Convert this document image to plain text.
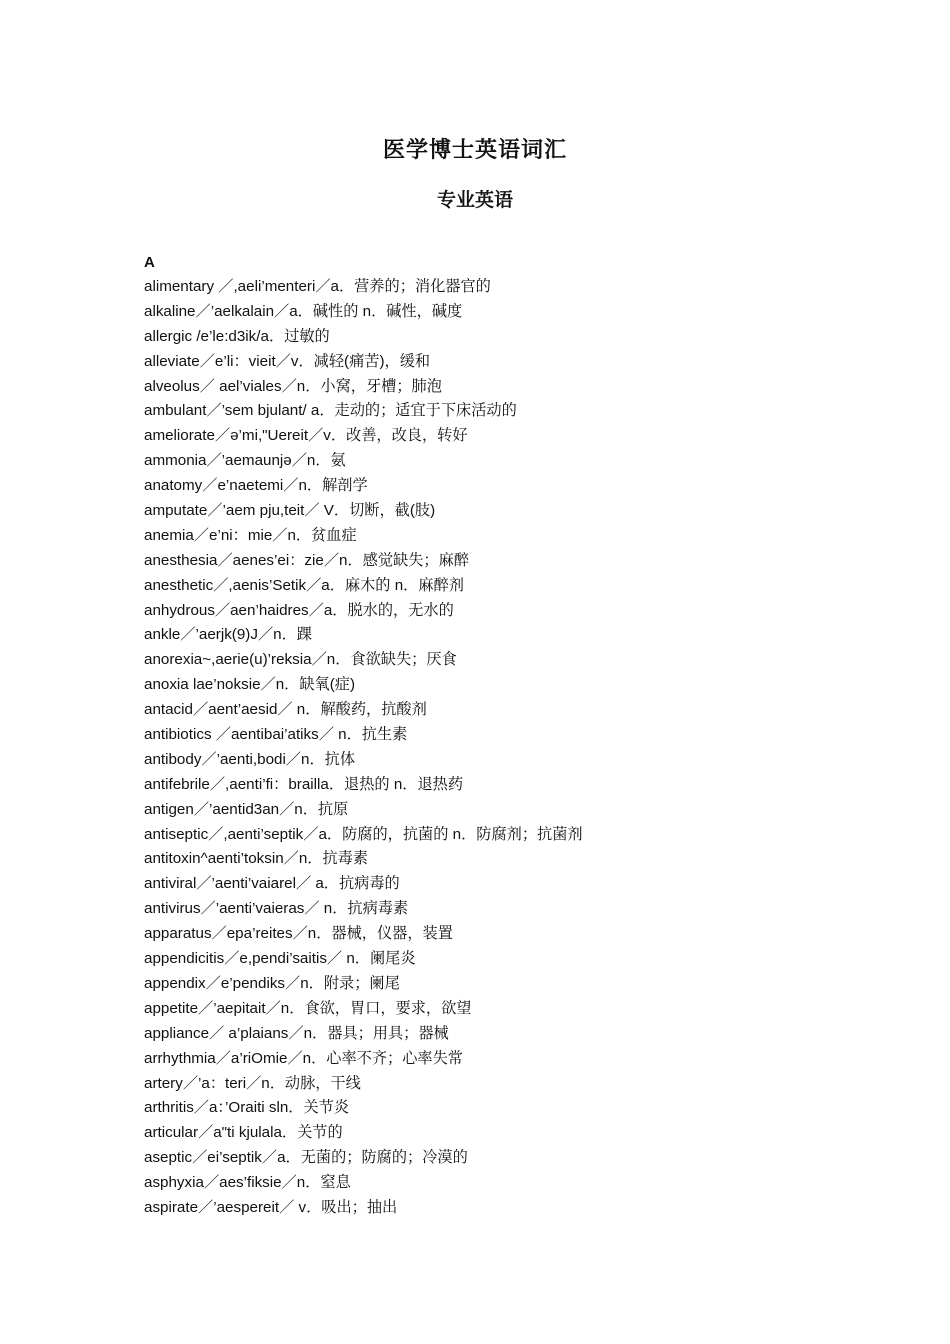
医学博士英语词汇
专业英语
A
alimentary ／,aeli’menteri／a．营养的；消化器官的
alkaline／’aelkalain／a．碱性的 n．碱性，碱度
allergic /e’le:d3ik/a．过敏的
alleviate／e’li：vieit／v．减轻(痛苦)，缓和
alveolus／ ael’viales／n．小窝，牙槽；肺泡
ambulant／’sem bjulant/ a．走动的；适宜于下床活动的
ameliorate／ə’mi,"Uereit／v．改善，改良，转好
ammonia／’aemaunjə／n．氨
anatomy／e’naetemi／n．解剖学
amputate／’aem pju,teit／ V．切断，截(肢)
anemia／e’ni：mie／n．贫血症
anesthesia／aenes’ei：zie／n．感觉缺失；麻醉
anesthetic／,aenis’Setik／a．麻木的 n．麻醉剂
anhydrous／aen’haidres／a．脱水的，无水的
ankle／’aerjk(9)J／n．踝
anorexia~,aerie(u)’reksia／n．食欲缺失；厌食
anoxia lae’noksie／n．缺氧(症)
antacid／aent’aesid／ n．解酸药，抗酸剂
antibiotics ／aentibai’atiks／ n．抗生素
antibody／’aenti,bodi／n．抗体
antifebrile／,aenti’fi：brailla．退热的 n．退热药
antigen／’aentid3an／n．抗原
antiseptic／,aenti’septik／a．防腐的，抗菌的 n．防腐剂；抗菌剂
antitoxin^aenti’toksin／n．抗毒素
antiviral／’aenti’vaiarel／ a．抗病毒的
antivirus／’aenti’vaieras／ n．抗病毒素
apparatus／epa’reites／n．器械，仪器，装置
appendicitis／e,pendi’saitis／ n．阑尾炎
appendix／e’pendiks／n．附录；阑尾
appetite／’aepitait／n．食欲，胃口，要求，欲望
appliance／ a’plaians／n．器具；用具；器械
arrhythmia／a’riOmie／n．心率不齐；心率失常
artery／’a：teri／n．动脉，干线
arthritis／a：’Oraiti sln．关节炎
articular／a"ti kjulala．关节的
aseptic／ei’septik／a．无菌的；防腐的；冷漠的
asphyxia／aes’fiksie／n．窒息
aspirate／’aespereit／ v．吸出；抽出
